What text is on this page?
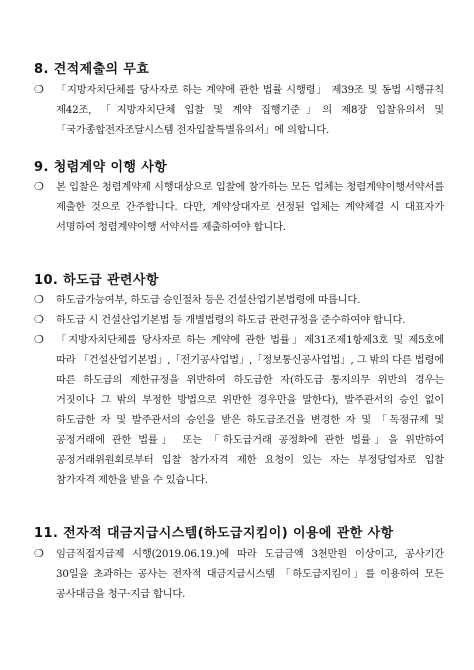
8. 견적제출의 무효
❍ 「지방자치단체를 당사자로 하는 계약에 관한 법률 시행령」 제39조 및 동법 시행규칙 제42조, 「지방자치단체 입찰 및 계약 집행기준」의 제8장 입찰유의서 및 「국가종합전자조달시스템 전자입찰특별유의서」에 의합니다.
9. 청렴계약 이행 사항
❍ 본 입찰은 청렴계약제 시행대상으로 입찰에 참가하는 모든 업체는 청렴계약이행서약서를 제출한 것으로 간주합니다. 다만, 계약상대자로 선정된 업체는 계약체결 시 대표자가 서명하여 청렴계약이행 서약서를 제출하여야 합니다.
10. 하도급 관련사항
❍ 하도급가능여부, 하도급 승인절차 등은 건설산업기본법령에 따릅니다.
❍ 하도급 시 건설산업기본법 등 개별법령의 하도급 관련규정을 준수하여야 합니다.
❍ 「지방자치단체를 당사자로 하는 계약에 관한 법률」제31조제1항제3호 및 제5호에 따라 「건설산업기본법」,「전기공사업법」,「정보통신공사업법」, 그 밖의 다른 법령에 따른 하도급의 제한규정을 위반하여 하도급한 자(하도급 통지의무 위반의 경우는 거짓이나 그 밖의 부정한 방법으로 위반한 경우만을 말한다), 발주관서의 승인 없이 하도급한 자 및 발주관서의 승인을 받은 하도급조건을 변경한 자 및 「독점규제 및 공정거래에 관한 법률」 또는 「하도급거래 공정화에 관한 법률」을 위반하여 공정거래위원회로부터 입찰 참가자격 제한 요청이 있는 자는 부정당업자로 입찰 참가자격 제한을 받을 수 있습니다.
11. 전자적 대금지급시스템(하도급지킴이) 이용에 관한 사항
❍ 임금직접지급제 시행(2019.06.19.)에 따라 도급금액 3천만원 이상이고, 공사기간 30일을 초과하는 공사는 전자적 대금지급시스템 「하도급지킴이」를 이용하여 모든 공사대금을 청구·지급 합니다.
